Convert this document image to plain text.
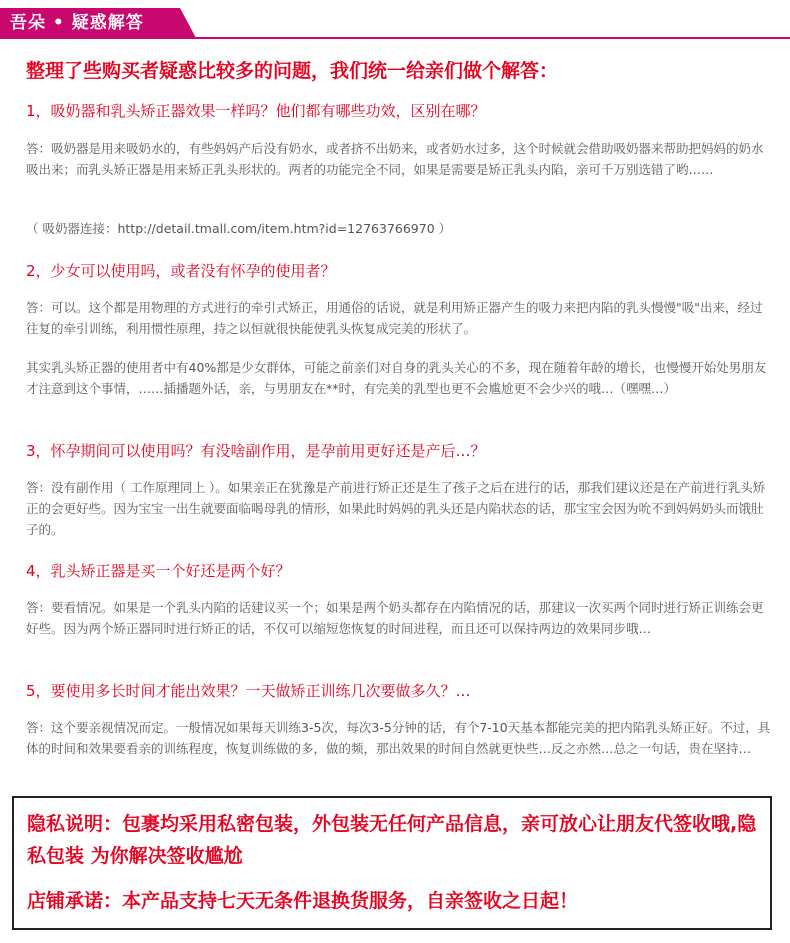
吾朵 • 疑惑解答
整理了些购买者疑惑比较多的问题，我们统一给亲们做个解答：
1，吸奶器和乳头矫正器效果一样吗？他们都有哪些功效，区别在哪？

答：吸奶器是用来吸奶水的，有些妈妈产后没有奶水，或者挤不出奶来，或者奶水过多，这个时候就会借助吸奶器来帮助把妈妈的奶水吸出来；而乳头矫正器是用来矫正乳头形状的。两者的功能完全不同，如果是需要是矫正乳头内陷，亲可千万别选错了哟……

（ 吸奶器连接：http://detail.tmall.com/item.htm?id=12763766970 ）

2，少女可以使用吗，或者没有怀孕的使用者？

答：可以。这个都是用物理的方式进行的牵引式矫正，用通俗的话说，就是利用矫正器产生的吸力来把内陷的乳头慢慢"吸"出来，经过往复的牵引训练，利用惯性原理，持之以恒就很快能使乳头恢复成完美的形状了。

其实乳头矫正器的使用者中有40%都是少女群体，可能之前亲们对自身的乳头关心的不多，现在随着年龄的增长，也慢慢开始处男朋友才注意到这个事情，……插播题外话，亲，与男朋友在**时，有完美的乳型也更不会尴尬更不会少兴的哦…（嘿嘿…）

3，怀孕期间可以使用吗？有没啥副作用，是孕前用更好还是产后…？

答：没有副作用（ 工作原理同上 ）。如果亲正在犹豫是产前进行矫正还是生了孩子之后在进行的话，那我们建议还是在产前进行乳头矫正的会更好些。因为宝宝一出生就要面临喝母乳的情形，如果此时妈妈的乳头还是内陷状态的话，那宝宝会因为吮不到妈妈奶头而饿肚子的。

4，乳头矫正器是买一个好还是两个好？

答：要看情况。如果是一个乳头内陷的话建议买一个；如果是两个奶头都存在内陷情况的话，那建议一次买两个同时进行矫正训练会更好些。因为两个矫正器同时进行矫正的话，不仅可以缩短您恢复的时间进程，而且还可以保持两边的效果同步哦…

5，要使用多长时间才能出效果？一天做矫正训练几次要做多久？…

答：这个要亲视情况而定。一般情况如果每天训练3-5次，每次3-5分钟的话，有个7-10天基本都能完美的把内陷乳头矫正好。不过，具体的时间和效果要看亲的训练程度，恢复训练做的多，做的频，那出效果的时间自然就更快些…反之亦然…总之一句话，贵在坚持…

隐私说明：包裹均采用私密包装，外包装无任何产品信息，亲可放心让朋友代签收哦,隐私包装 为你解决签收尴尬

店铺承诺：本产品支持七天无条件退换货服务，自亲签收之日起！
